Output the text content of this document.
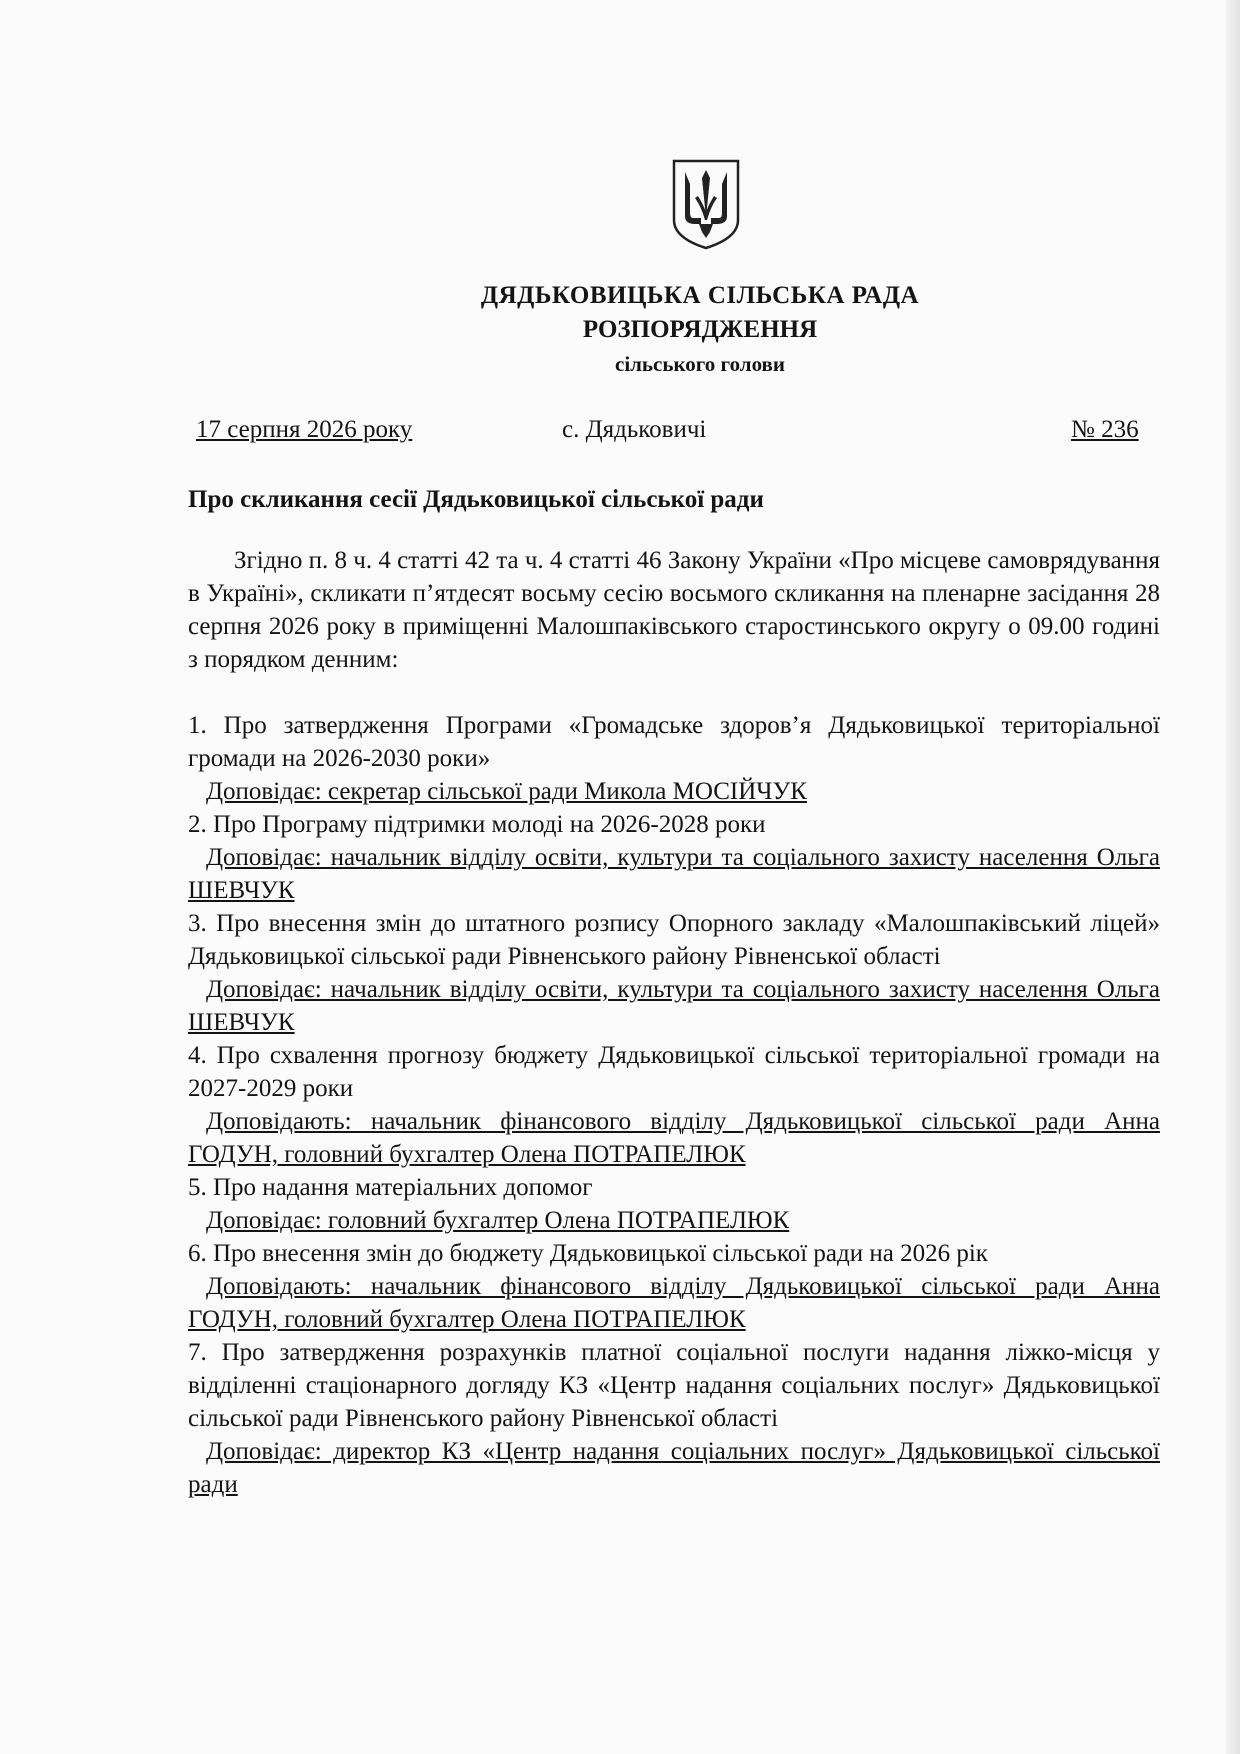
ДЯДЬКОВИЦЬКА СІЛЬСЬКА РАДА
РОЗПОРЯДЖЕННЯ
сільського голови
17 серпня 2026 року	с. Дядьковичі	№ 236
Про скликання сесії Дядьковицької сільської ради

Згідно п. 8 ч. 4 статті 42 та ч. 4 статті 46 Закону України «Про місцеве самоврядування в Україні», скликати п’ятдесят восьму сесію восьмого скликання на пленарне засідання 28 серпня 2026 року в приміщенні Малошпаківського старостинського округу о 09.00 годині з порядком денним:

1. Про затвердження Програми «Громадське здоров’я Дядьковицької територіальної громади на 2026-2030 роки»

Доповідає: секретар сільської ради Микола МОСІЙЧУК

2. Про Програму підтримки молоді на 2026-2028 роки

Доповідає: начальник відділу освіти, культури та соціального захисту населення Ольга ШЕВЧУК

3. Про внесення змін до штатного розпису Опорного закладу «Малошпаківський ліцей» Дядьковицької сільської ради Рівненського району Рівненської області

Доповідає: начальник відділу освіти, культури та соціального захисту населення Ольга ШЕВЧУК

4. Про схвалення прогнозу бюджету Дядьковицької сільської територіальної громади на 2027-2029 роки

Доповідають: начальник фінансового відділу Дядьковицької сільської ради Анна ГОДУН, головний бухгалтер Олена ПОТРАПЕЛЮК

5. Про надання матеріальних допомог

Доповідає: головний бухгалтер Олена ПОТРАПЕЛЮК

6. Про внесення змін до бюджету Дядьковицької сільської ради на 2026 рік

Доповідають: начальник фінансового відділу Дядьковицької сільської ради Анна ГОДУН, головний бухгалтер Олена ПОТРАПЕЛЮК

7. Про затвердження розрахунків платної соціальної послуги надання ліжко-місця у відділенні стаціонарного догляду КЗ «Центр надання соціальних послуг» Дядьковицької сільської ради Рівненського району Рівненської області

Доповідає: директор КЗ «Центр надання соціальних послуг» Дядьковицької сільської ради
